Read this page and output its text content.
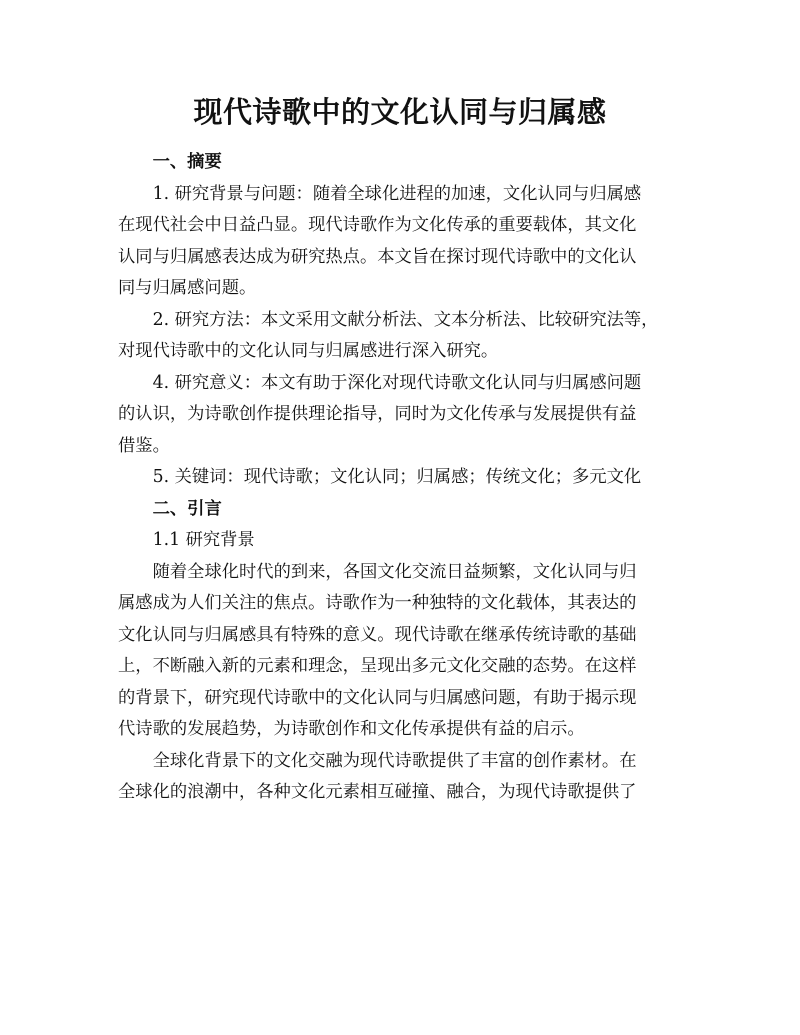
现代诗歌中的文化认同与归属感

一、摘要

1. 研究背景与问题：随着全球化进程的加速，文化认同与归属感
在现代社会中日益凸显。现代诗歌作为文化传承的重要载体，其文化
认同与归属感表达成为研究热点。本文旨在探讨现代诗歌中的文化认
同与归属感问题。

2. 研究方法：本文采用文献分析法、文本分析法、比较研究法等，
对现代诗歌中的文化认同与归属感进行深入研究。

4. 研究意义：本文有助于深化对现代诗歌文化认同与归属感问题
的认识，为诗歌创作提供理论指导，同时为文化传承与发展提供有益
借鉴。

5. 关键词：现代诗歌；文化认同；归属感；传统文化；多元文化

二、引言

1.1 研究背景

随着全球化时代的到来，各国文化交流日益频繁，文化认同与归
属感成为人们关注的焦点。诗歌作为一种独特的文化载体，其表达的
文化认同与归属感具有特殊的意义。现代诗歌在继承传统诗歌的基础
上，不断融入新的元素和理念，呈现出多元文化交融的态势。在这样
的背景下，研究现代诗歌中的文化认同与归属感问题，有助于揭示现
代诗歌的发展趋势，为诗歌创作和文化传承提供有益的启示。

全球化背景下的文化交融为现代诗歌提供了丰富的创作素材。在
全球化的浪潮中，各种文化元素相互碰撞、融合，为现代诗歌提供了
